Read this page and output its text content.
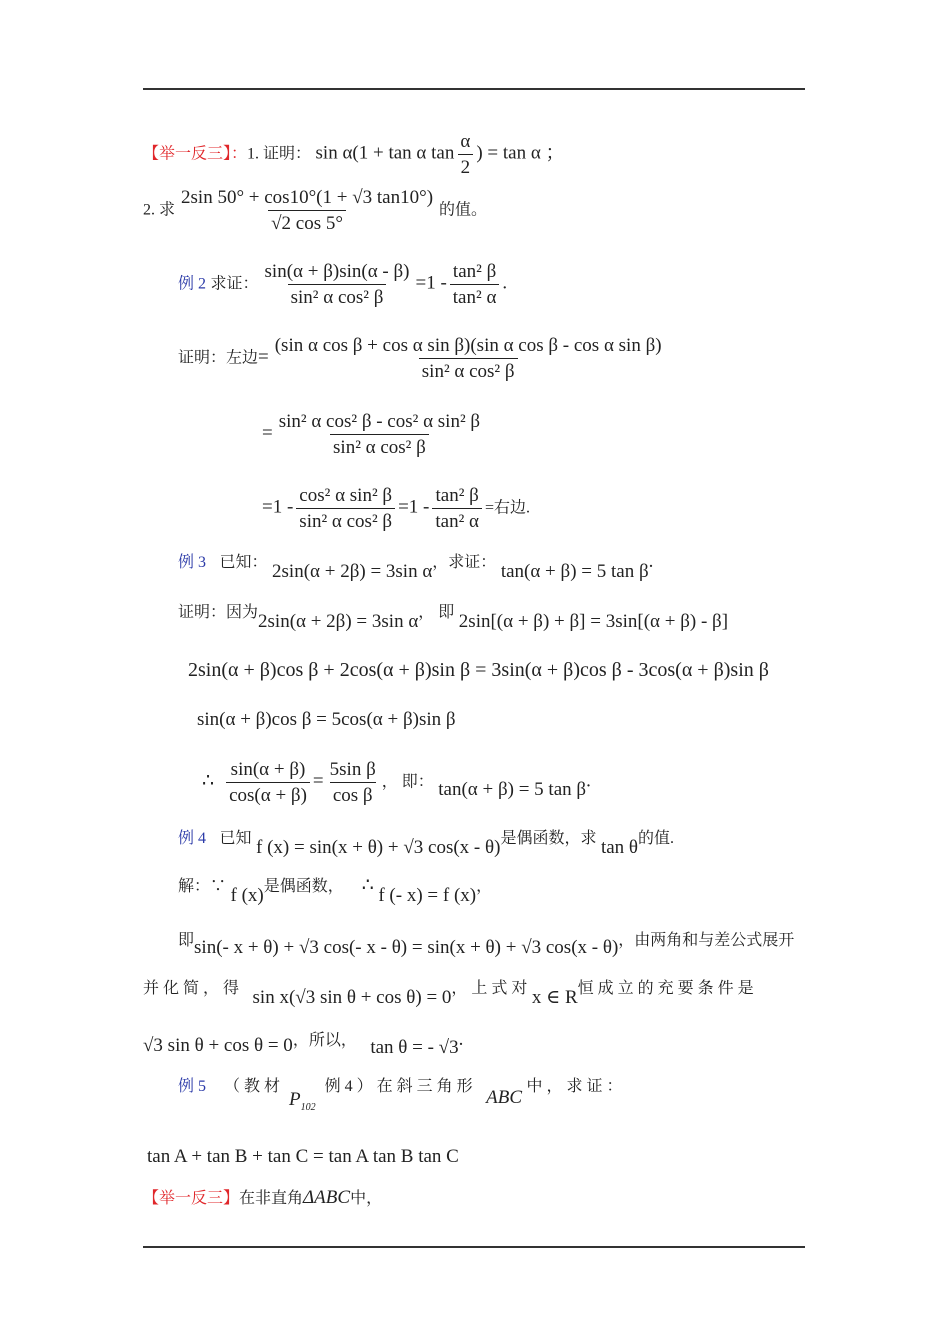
【举一反三】：1. 证明： sin α(1 + tan α $\tan \frac{\alpha}{2}$ ) = tan α ；
2. 求 $\frac{2\sin 50^\circ + \cos 10^\circ(1 + √3 \tan 10^\circ)}{√2 \cos 5^\circ}$ 的值。
例 2 求证： $\frac{\sin(\alpha + \beta)\sin(\alpha - \beta)}{\text{sin² α cos² β}} =1 - \frac{\text{tan² β}}{\text{tan² α}}$ .
证明：左边= $\frac{\text{(sin α cos β + cos α sin β)(sin α cos β - cos α sin β)}}{\text{sin² α cos² β}}$
= $\frac{\text{sin² α cos² β - cos² α sin² β}}{\text{sin² α cos² β}}$
$=1 - \frac{\text{cos² α sin² β}}{\text{sin² α cos² β}} =1 - \frac{\text{tan² β}}{\text{tan² α}}$ =右边.
例 3 已知： 2sin(α + 2β) = 3sin α，求证： tan(α + β) = 5 tan β.
证明：因为2sin(α + 2β) = 3sin α， 即 2sin[(α + β) + β] = 3sin[(α + β) - β]
2sin(α + β)cos β + 2cos(α + β)sin β = 3sin(α + β)cos β - 3cos(α + β)sin β
sin(α + β)cos β = 5cos(α + β)sin β
∴ $\frac{\sin(\alpha + \beta)}{\cos(\alpha + \beta)} = \frac{\text{5sin β}}{\text{cos β}}$ ， 即： tan(α + β) = 5 tan β.
例 4 已知 f (x) = sin(x + θ) + √3 cos(x - θ)是偶函数，求 tan θ的值.
解：∵ f (x)是偶函数， ∴ f (- x) = f (x)，
即sin(- x + θ) + √3 cos(- x - θ) = sin(x + θ) + √3 cos(x - θ)，由两角和与差公式展开
并 化 简 ， 得 sin x(√3 sin θ + cos θ) = 0， 上 式 对 x ∈ R恒 成 立 的 充 要 条 件 是
√3 sin θ + cos θ = 0，所以， tan θ = - √3.
例 5 （ 教 材  $P_{102}$  例 4 ） 在 斜 三 角 形   ABC 中 ， 求 证 ：
tan A + tan B + tan C = tan A tan B tan C
【举一反三】在非直角ΔABC中，
